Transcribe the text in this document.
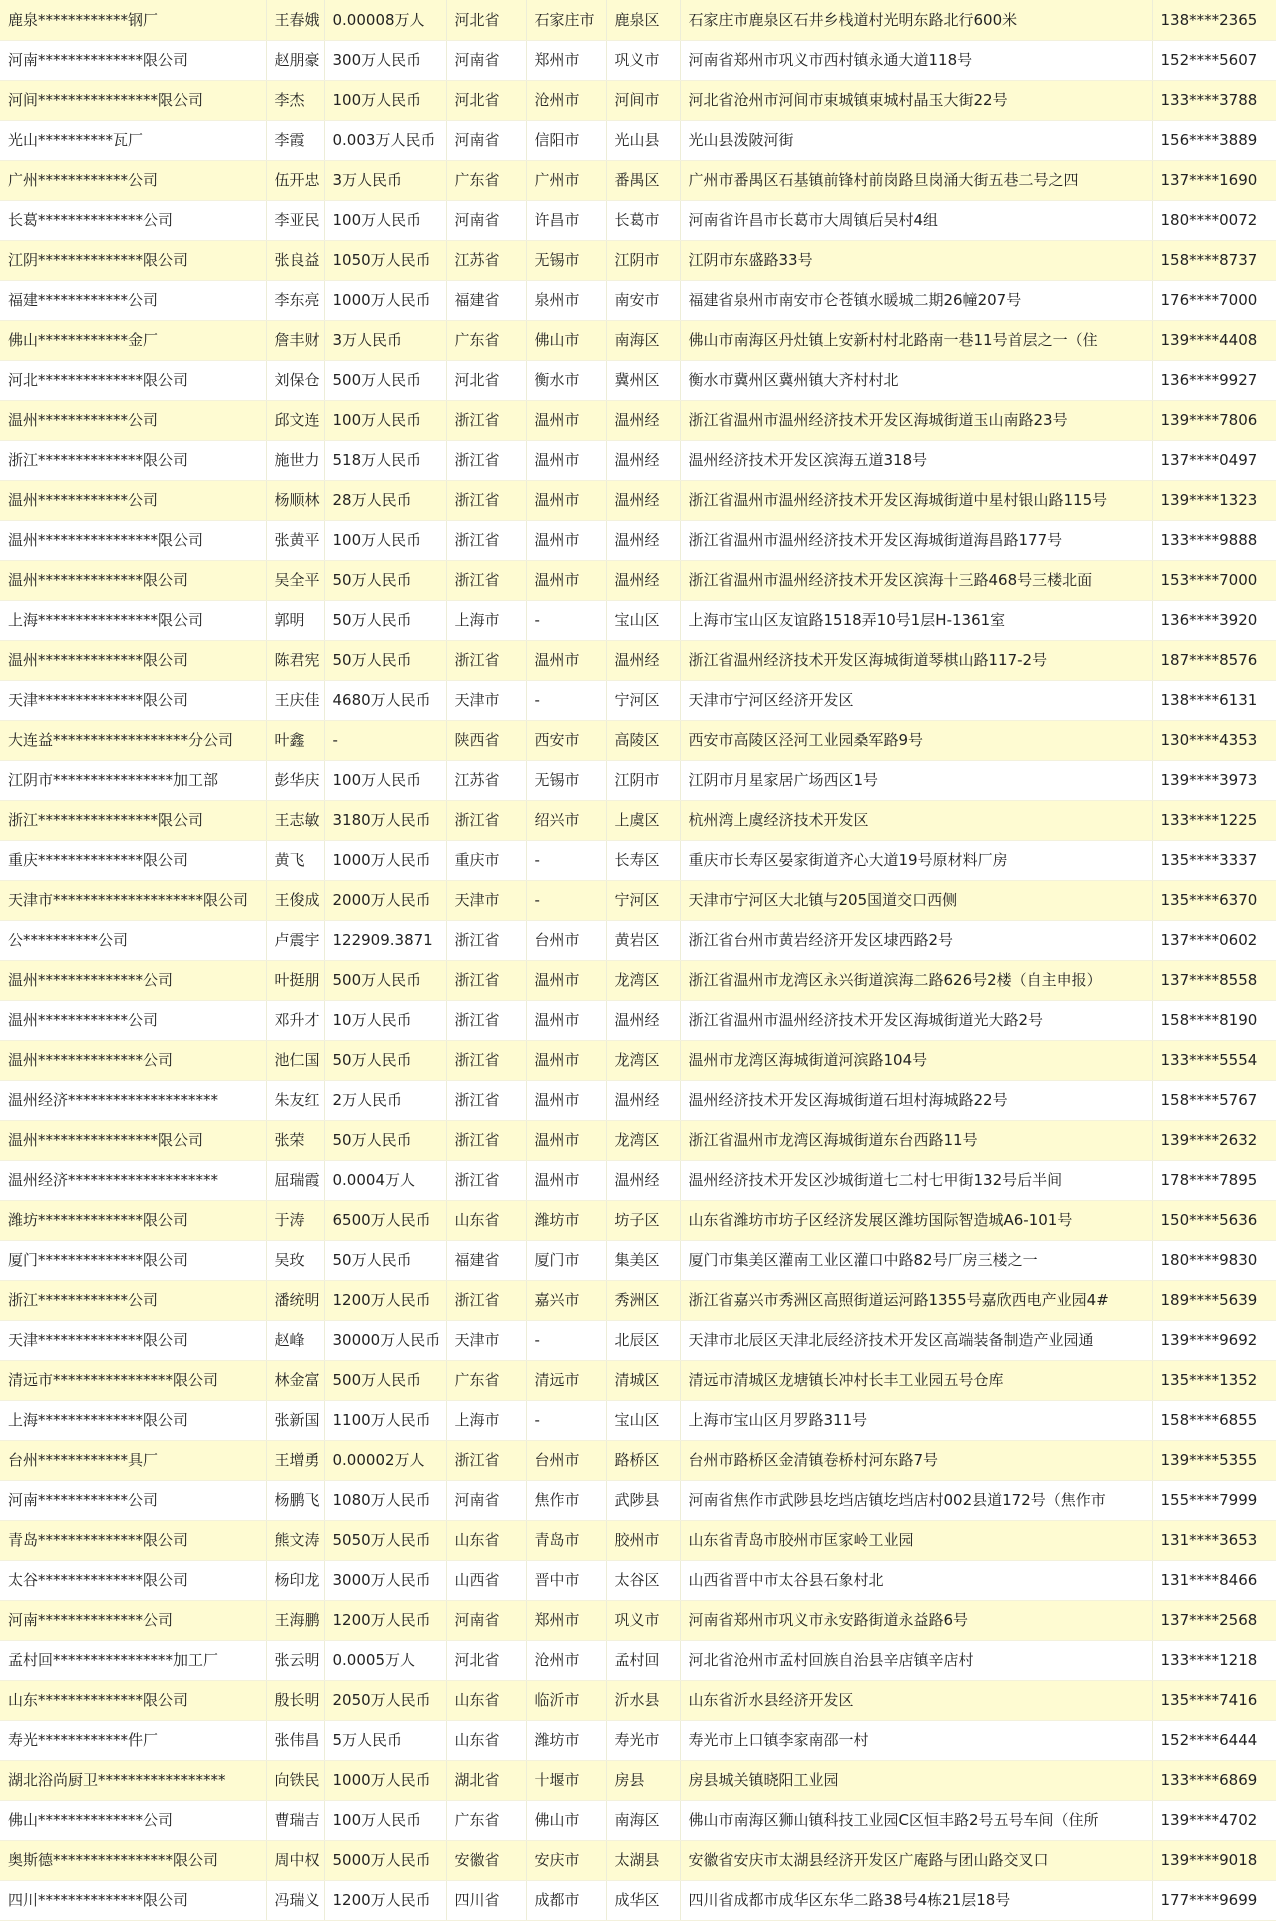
鹿泉************钢厂	王春娥	0.00008万人	河北省	石家庄市	鹿泉区	石家庄市鹿泉区石井乡栈道村光明东路北行600米	138****2365
河南**************限公司	赵朋豪	300万人民币	河南省	郑州市	巩义市	河南省郑州市巩义市西村镇永通大道118号	152****5607
河间****************限公司	李杰	100万人民币	河北省	沧州市	河间市	河北省沧州市河间市束城镇束城村晶玉大街22号	133****3788
光山**********瓦厂	李霞	0.003万人民币	河南省	信阳市	光山县	光山县泼陂河街	156****3889
广州************公司	伍开忠	3万人民币	广东省	广州市	番禺区	广州市番禺区石基镇前锋村前岗路旦岗涌大街五巷二号之四	137****1690
长葛**************公司	李亚民	100万人民币	河南省	许昌市	长葛市	河南省许昌市长葛市大周镇后吴村4组	180****0072
江阴**************限公司	张良益	1050万人民币	江苏省	无锡市	江阴市	江阴市东盛路33号	158****8737
福建************公司	李东亮	1000万人民币	福建省	泉州市	南安市	福建省泉州市南安市仑苍镇水暖城二期26幢207号	176****7000
佛山************金厂	詹丰财	3万人民币	广东省	佛山市	南海区	佛山市南海区丹灶镇上安新村村北路南一巷11号首层之一（住	139****4408
河北**************限公司	刘保仓	500万人民币	河北省	衡水市	冀州区	衡水市冀州区冀州镇大齐村村北	136****9927
温州************公司	邱文连	100万人民币	浙江省	温州市	温州经	浙江省温州市温州经济技术开发区海城街道玉山南路23号	139****7806
浙江**************限公司	施世力	518万人民币	浙江省	温州市	温州经	温州经济技术开发区滨海五道318号	137****0497
温州************公司	杨顺林	28万人民币	浙江省	温州市	温州经	浙江省温州市温州经济技术开发区海城街道中星村银山路115号	139****1323
温州****************限公司	张黄平	100万人民币	浙江省	温州市	温州经	浙江省温州市温州经济技术开发区海城街道海昌路177号	133****9888
温州**************限公司	吴全平	50万人民币	浙江省	温州市	温州经	浙江省温州市温州经济技术开发区滨海十三路468号三楼北面	153****7000
上海****************限公司	郭明	50万人民币	上海市	-	宝山区	上海市宝山区友谊路1518弄10号1层H-1361室	136****3920
温州**************限公司	陈君宪	50万人民币	浙江省	温州市	温州经	浙江省温州经济技术开发区海城街道琴棋山路117-2号	187****8576
天津**************限公司	王庆佳	4680万人民币	天津市	-	宁河区	天津市宁河区经济开发区	138****6131
大连益******************分公司	叶鑫	-	陕西省	西安市	高陵区	西安市高陵区泾河工业园桑军路9号	130****4353
江阴市****************加工部	彭华庆	100万人民币	江苏省	无锡市	江阴市	江阴市月星家居广场西区1号	139****3973
浙江****************限公司	王志敏	3180万人民币	浙江省	绍兴市	上虞区	杭州湾上虞经济技术开发区	133****1225
重庆**************限公司	黄飞	1000万人民币	重庆市	-	长寿区	重庆市长寿区晏家街道齐心大道19号原材料厂房	135****3337
天津市********************限公司	王俊成	2000万人民币	天津市	-	宁河区	天津市宁河区大北镇与205国道交口西侧	135****6370
公**********公司	卢震宇	122909.3871	浙江省	台州市	黄岩区	浙江省台州市黄岩经济开发区埭西路2号	137****0602
温州**************公司	叶挺朋	500万人民币	浙江省	温州市	龙湾区	浙江省温州市龙湾区永兴街道滨海二路626号2楼（自主申报）	137****8558
温州************公司	邓升才	10万人民币	浙江省	温州市	温州经	浙江省温州市温州经济技术开发区海城街道光大路2号	158****8190
温州**************公司	池仁国	50万人民币	浙江省	温州市	龙湾区	温州市龙湾区海城街道河滨路104号	133****5554
温州经济********************	朱友红	2万人民币	浙江省	温州市	温州经	温州经济技术开发区海城街道石坦村海城路22号	158****5767
温州****************限公司	张荣	50万人民币	浙江省	温州市	龙湾区	浙江省温州市龙湾区海城街道东台西路11号	139****2632
温州经济********************	屈瑞霞	0.0004万人	浙江省	温州市	温州经	温州经济技术开发区沙城街道七二村七甲街132号后半间	178****7895
潍坊**************限公司	于涛	6500万人民币	山东省	潍坊市	坊子区	山东省潍坊市坊子区经济发展区潍坊国际智造城A6-101号	150****5636
厦门**************限公司	吴玫	50万人民币	福建省	厦门市	集美区	厦门市集美区灌南工业区灌口中路82号厂房三楼之一	180****9830
浙江************公司	潘统明	1200万人民币	浙江省	嘉兴市	秀洲区	浙江省嘉兴市秀洲区高照街道运河路1355号嘉欣西电产业园4#	189****5639
天津**************限公司	赵峰	30000万人民币	天津市	-	北辰区	天津市北辰区天津北辰经济技术开发区高端装备制造产业园通	139****9692
清远市****************限公司	林金富	500万人民币	广东省	清远市	清城区	清远市清城区龙塘镇长冲村长丰工业园五号仓库	135****1352
上海**************限公司	张新国	1100万人民币	上海市	-	宝山区	上海市宝山区月罗路311号	158****6855
台州************具厂	王增勇	0.00002万人	浙江省	台州市	路桥区	台州市路桥区金清镇卷桥村河东路7号	139****5355
河南************公司	杨鹏飞	1080万人民币	河南省	焦作市	武陟县	河南省焦作市武陟县圪垱店镇圪垱店村002县道172号（焦作市	155****7999
青岛**************限公司	熊文涛	5050万人民币	山东省	青岛市	胶州市	山东省青岛市胶州市匡家岭工业园	131****3653
太谷**************限公司	杨印龙	3000万人民币	山西省	晋中市	太谷区	山西省晋中市太谷县石象村北	131****8466
河南**************公司	王海鹏	1200万人民币	河南省	郑州市	巩义市	河南省郑州市巩义市永安路街道永益路6号	137****2568
孟村回****************加工厂	张云明	0.0005万人	河北省	沧州市	孟村回	河北省沧州市孟村回族自治县辛店镇辛店村	133****1218
山东**************限公司	殷长明	2050万人民币	山东省	临沂市	沂水县	山东省沂水县经济开发区	135****7416
寿光************件厂	张伟昌	5万人民币	山东省	潍坊市	寿光市	寿光市上口镇李家南邵一村	152****6444
湖北浴尚厨卫*****************	向铁民	1000万人民币	湖北省	十堰市	房县	房县城关镇晓阳工业园	133****6869
佛山**************公司	曹瑞吉	100万人民币	广东省	佛山市	南海区	佛山市南海区狮山镇科技工业园C区恒丰路2号五号车间（住所	139****4702
奥斯德****************限公司	周中权	5000万人民币	安徽省	安庆市	太湖县	安徽省安庆市太湖县经济开发区广庵路与团山路交叉口	139****9018
四川**************限公司	冯瑞义	1200万人民币	四川省	成都市	成华区	四川省成都市成华区东华二路38号4栋21层18号	177****9699
